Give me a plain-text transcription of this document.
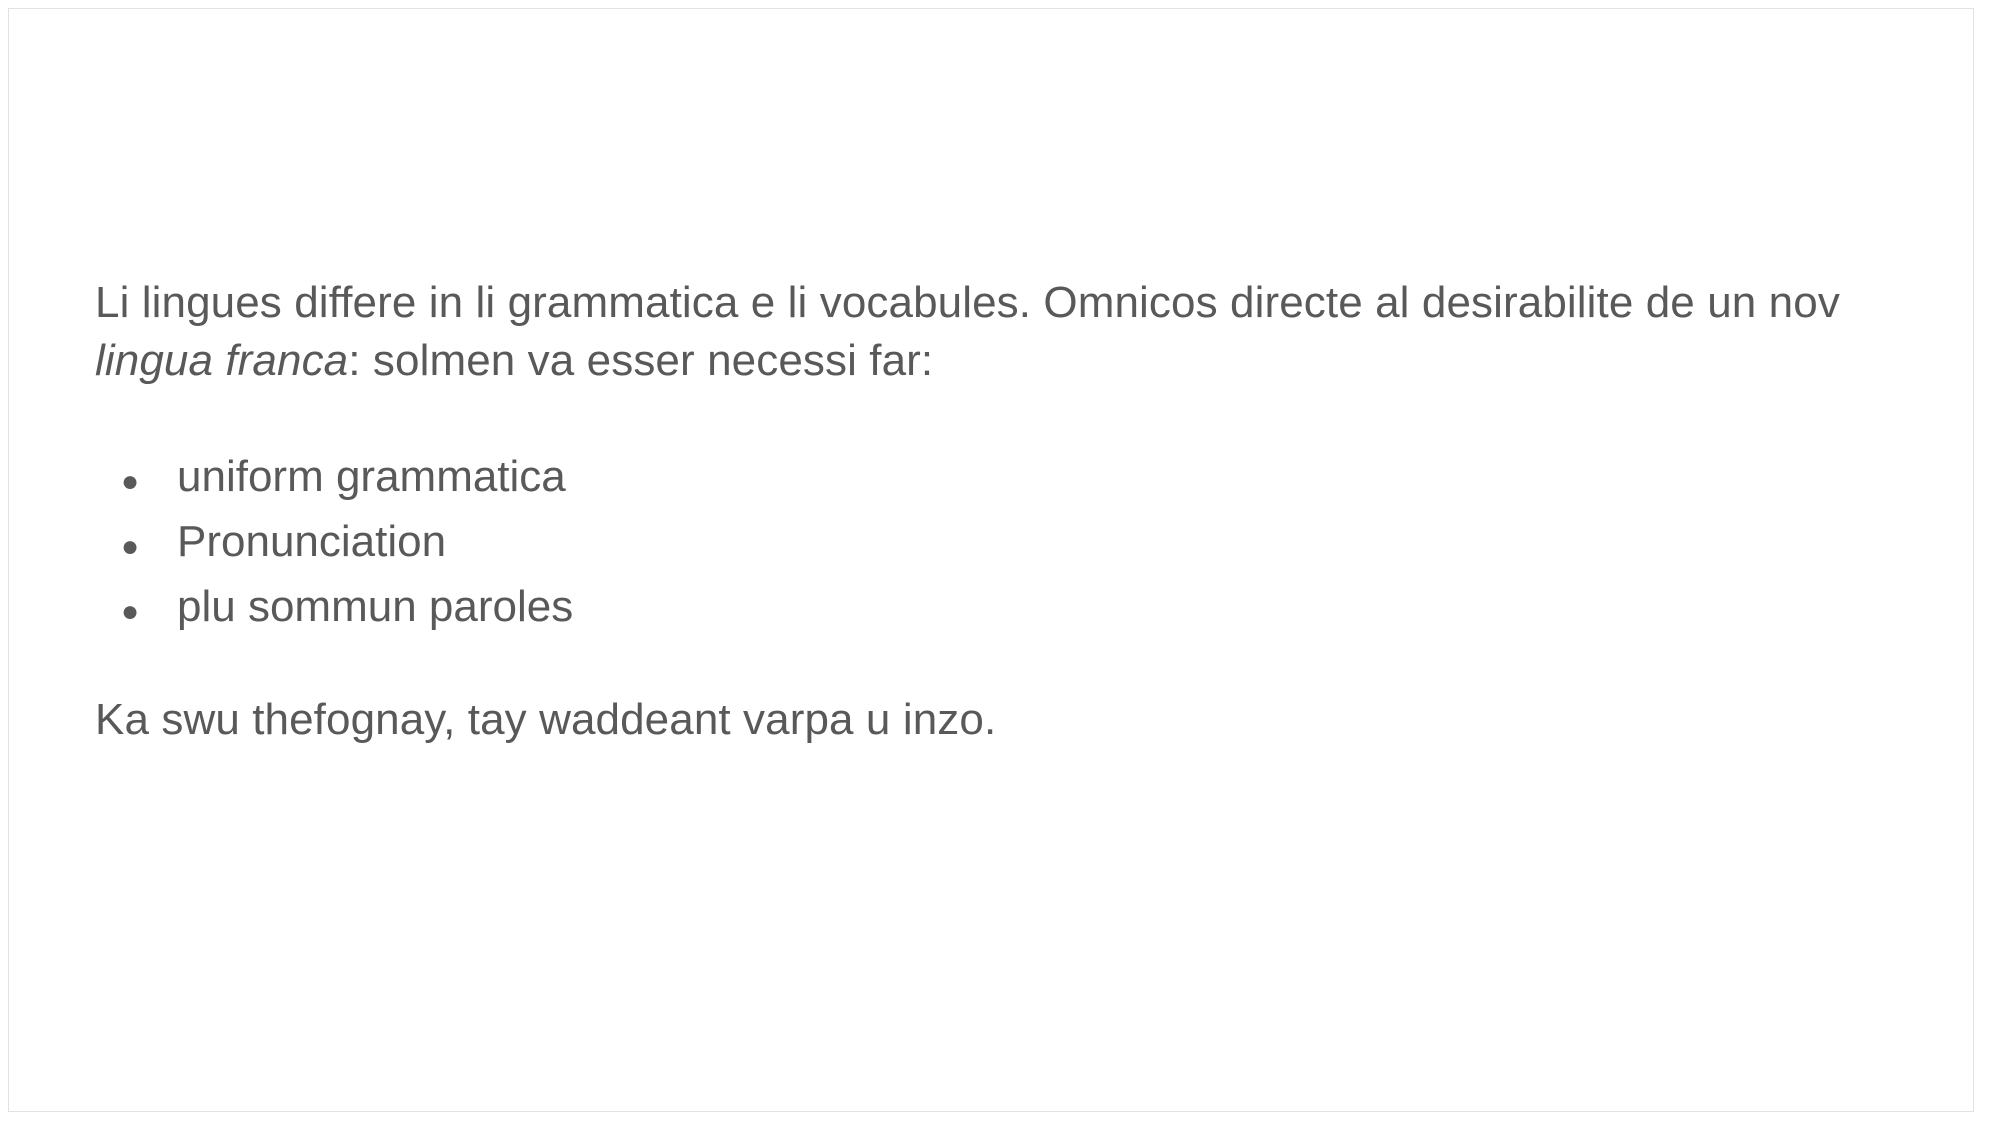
Li lingues differe in li grammatica e li vocabules. Omnicos directe al desirabilite de un nov lingua franca: solmen va esser necessi far:

● uniform grammatica
● Pronunciation
● plu sommun paroles

Ka swu thefognay, tay waddeant varpa u inzo.
